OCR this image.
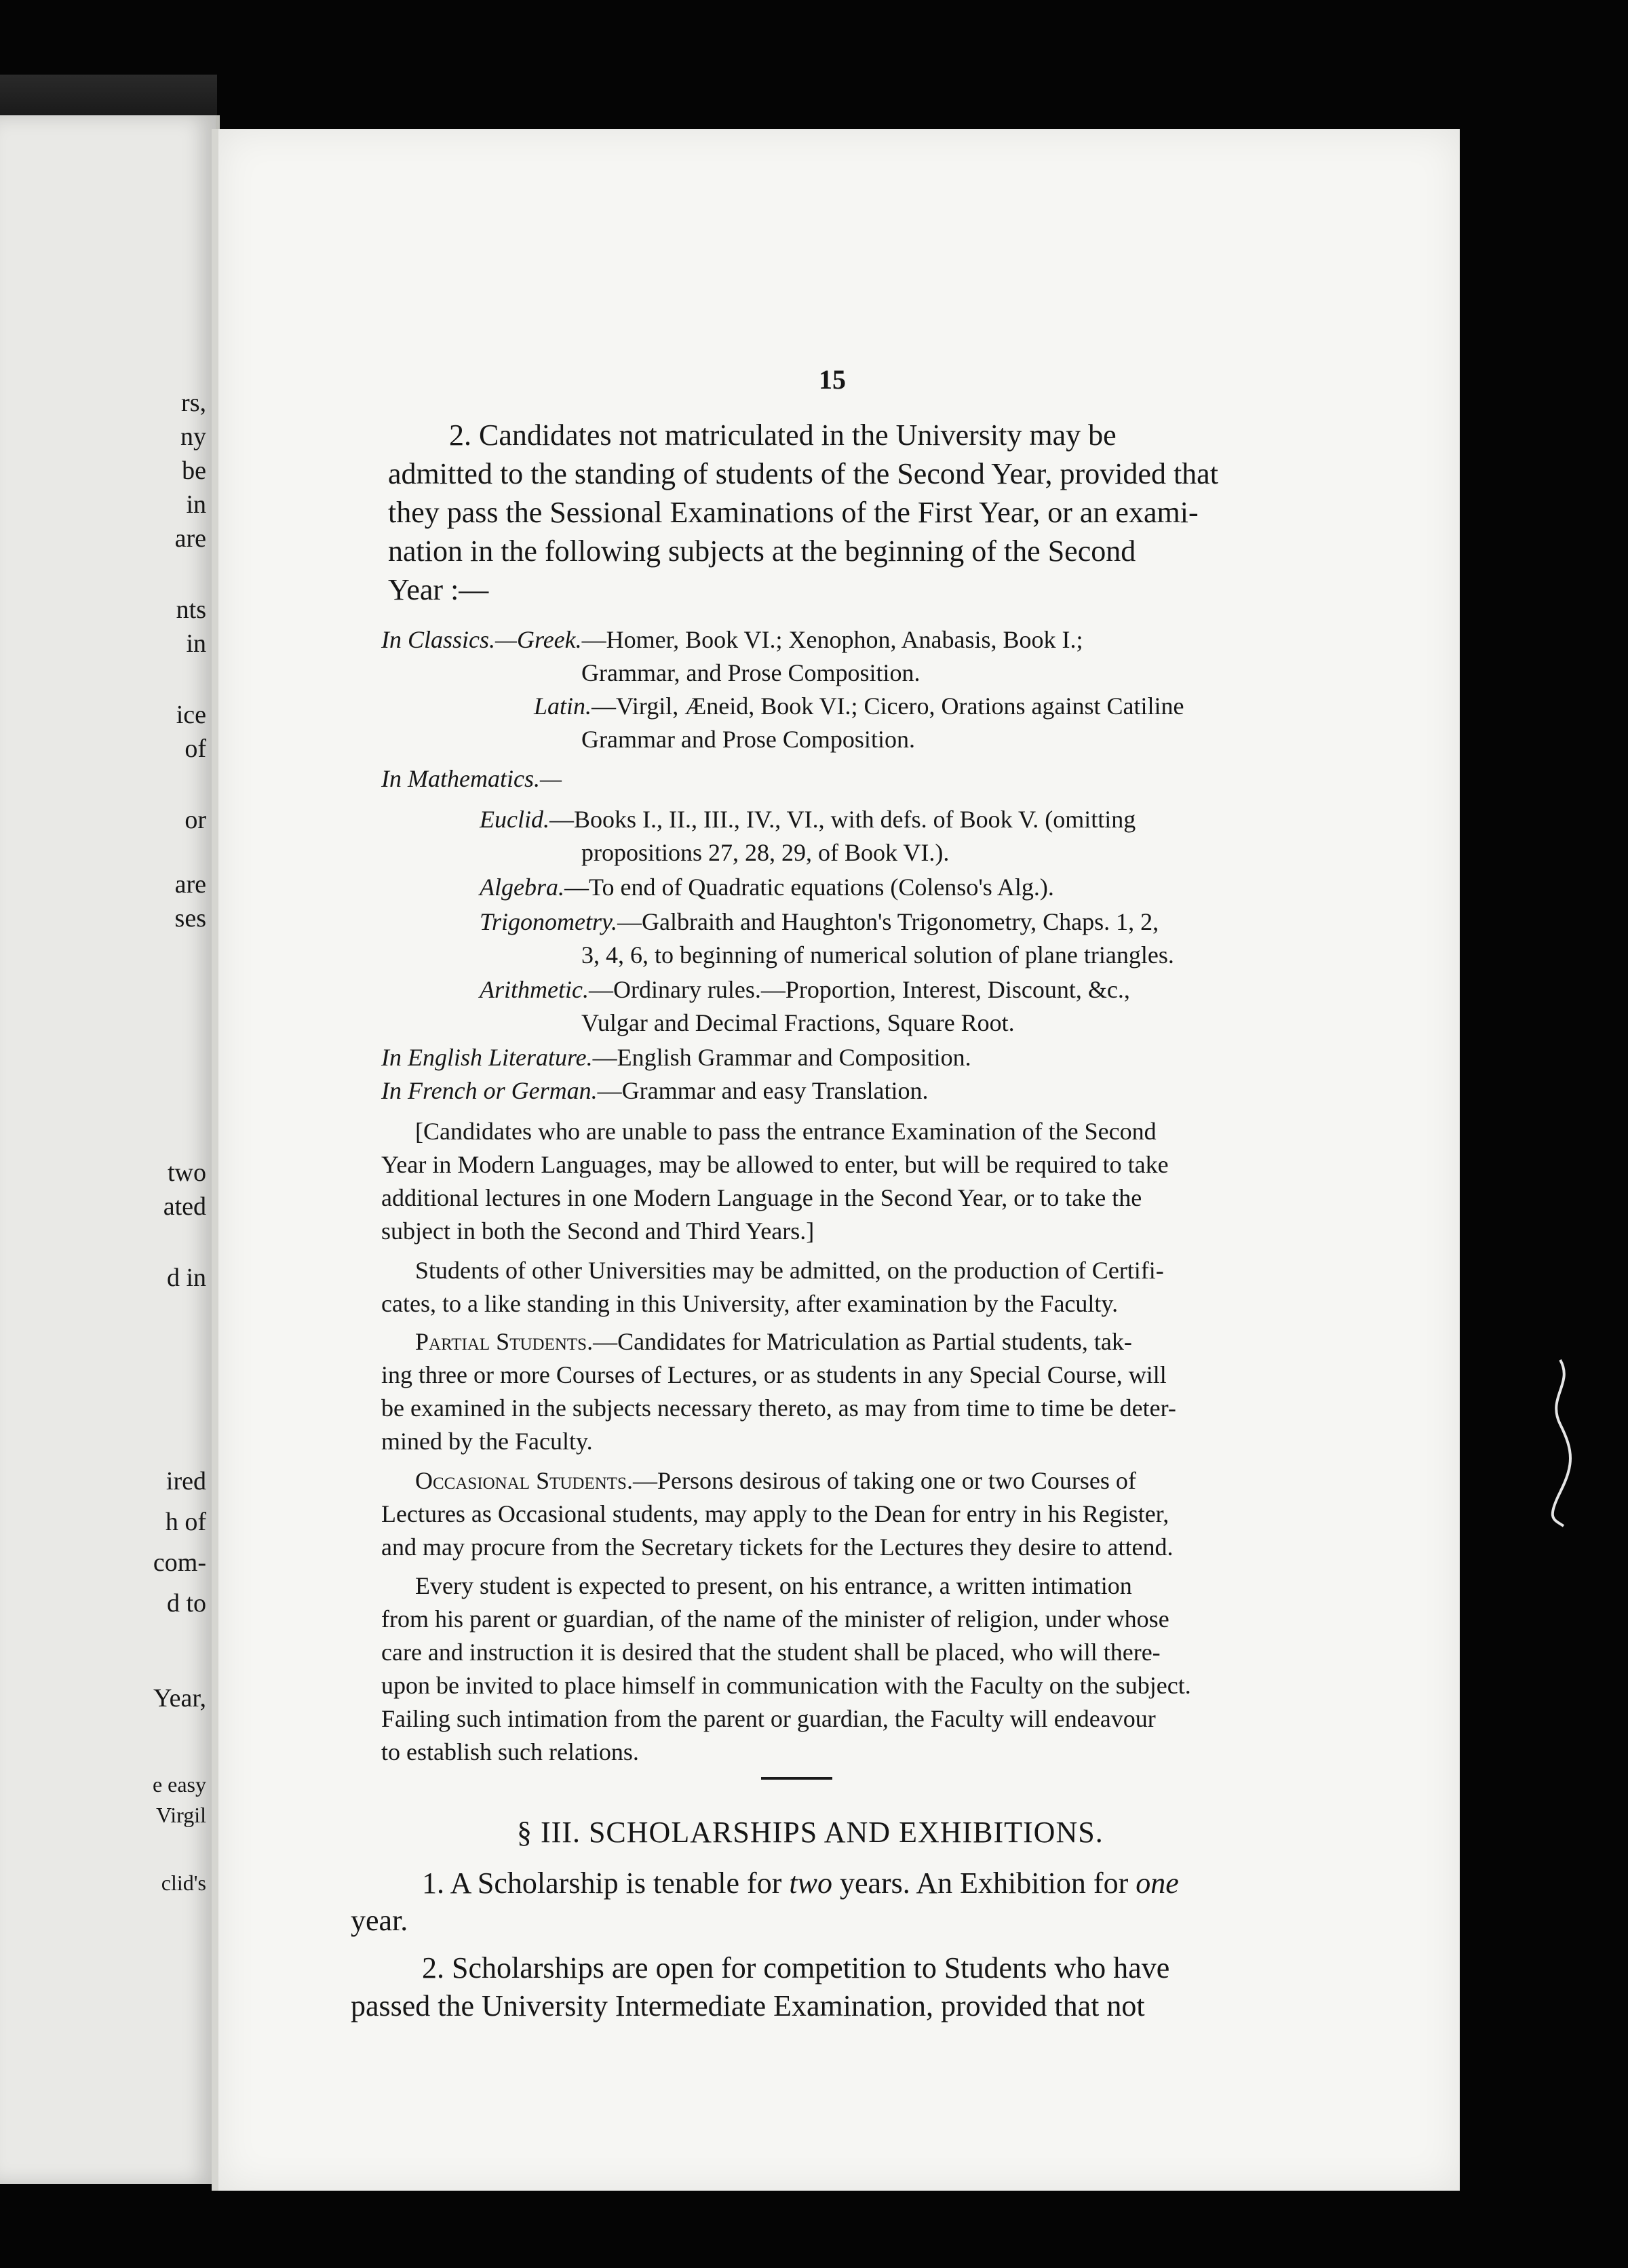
rs,
ny
be
in
are
nts
in
ice
of
or
are
ses
two
ated
d in
ired
h of
com-
d to
Year,
e easy
Virgil
clid's
15
2. Candidates not matriculated in the University may be
admitted to the standing of students of the Second Year, provided that
they pass the Sessional Examinations of the First Year, or an exami-
nation in the following subjects at the beginning of the Second
Year :—
In Classics.—Greek.—Homer, Book VI.; Xenophon, Anabasis, Book I.;
Grammar, and Prose Composition.
Latin.—Virgil, Æneid, Book VI.; Cicero, Orations against Catiline
Grammar and Prose Composition.
In Mathematics.—
Euclid.—Books I., II., III., IV., VI., with defs. of Book V. (omitting
propositions 27, 28, 29, of Book VI.).
Algebra.—To end of Quadratic equations (Colenso's Alg.).
Trigonometry.—Galbraith and Haughton's Trigonometry, Chaps. 1, 2,
3, 4, 6, to beginning of numerical solution of plane triangles.
Arithmetic.—Ordinary rules.—Proportion, Interest, Discount, &c.,
Vulgar and Decimal Fractions, Square Root.
In English Literature.—English Grammar and Composition.
In French or German.—Grammar and easy Translation.
[Candidates who are unable to pass the entrance Examination of the Second
Year in Modern Languages, may be allowed to enter, but will be required to take
additional lectures in one Modern Language in the Second Year, or to take the
subject in both the Second and Third Years.]
Students of other Universities may be admitted, on the production of Certifi-
cates, to a like standing in this University, after examination by the Faculty.
Partial Students.—Candidates for Matriculation as Partial students, tak-
ing three or more Courses of Lectures, or as students in any Special Course, will
be examined in the subjects necessary thereto, as may from time to time be deter-
mined by the Faculty.
Occasional Students.—Persons desirous of taking one or two Courses of
Lectures as Occasional students, may apply to the Dean for entry in his Register,
and may procure from the Secretary tickets for the Lectures they desire to attend.
Every student is expected to present, on his entrance, a written intimation
from his parent or guardian, of the name of the minister of religion, under whose
care and instruction it is desired that the student shall be placed, who will there-
upon be invited to place himself in communication with the Faculty on the subject.
Failing such intimation from the parent or guardian, the Faculty will endeavour
to establish such relations.
§ III. SCHOLARSHIPS AND EXHIBITIONS.
1. A Scholarship is tenable for two years. An Exhibition for one
year.
2. Scholarships are open for competition to Students who have
passed the University Intermediate Examination, provided that not
